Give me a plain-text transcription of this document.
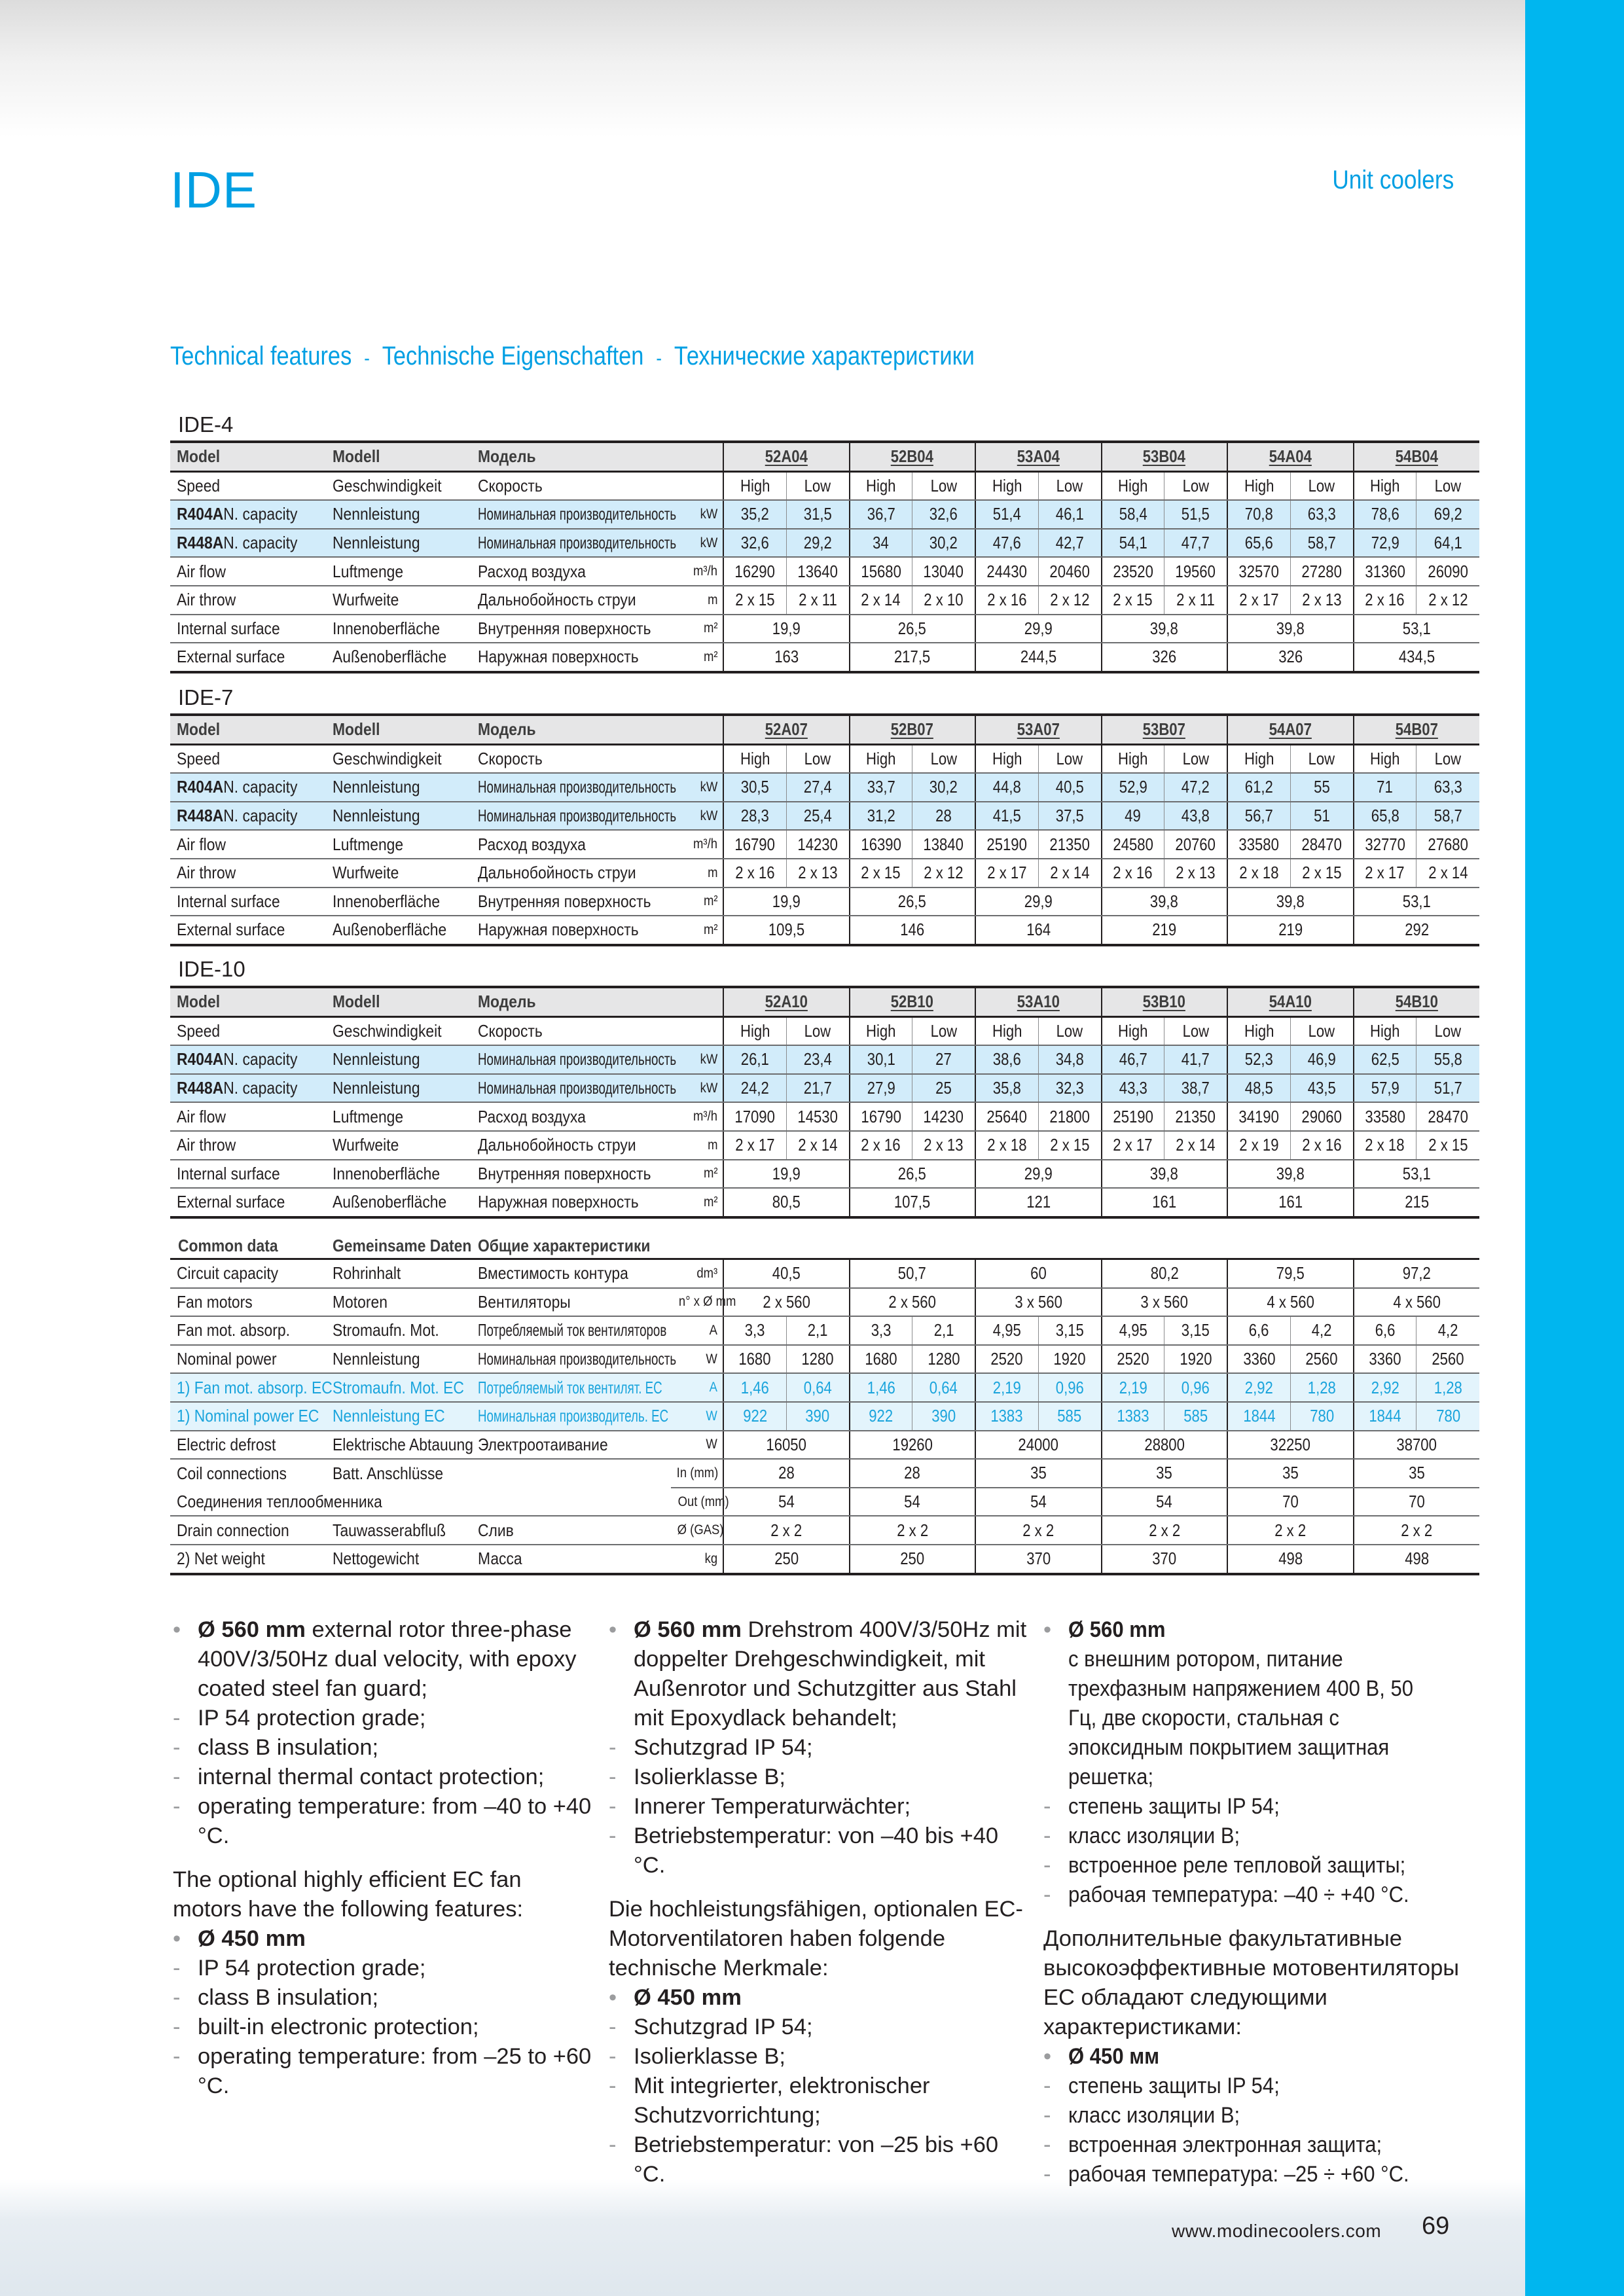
IDE	Unit coolers
Technical features - Technische Eigenschaften - Технические характеристики
IDE-4
Model	Modell	Модель		52A04		52B04		53A04		53B04		54A04		54B04	
Speed	Geschwindigkeit	Скорость		High	Low	High	Low	High	Low	High	Low	High	Low	High	Low
R404AN. capacity	Nennleistung	Номинальная производительность	kW	35,2	31,5	36,7	32,6	51,4	46,1	58,4	51,5	70,8	63,3	78,6	69,2
R448AN. capacity	Nennleistung	Номинальная производительность	kW	32,6	29,2	34	30,2	47,6	42,7	54,1	47,7	65,6	58,7	72,9	64,1
Air flow	Luftmenge	Расход воздуха	m³/h	16290	13640	15680	13040	24430	20460	23520	19560	32570	27280	31360	26090
Air throw	Wurfweite	Дальнобойность струи	m	2 x 15	2 x 11	2 x 14	2 x 10	2 x 16	2 x 12	2 x 15	2 x 11	2 x 17	2 x 13	2 x 16	2 x 12
Internal surface	Innenoberfläche	Внутренняя поверхность	m²	19,9		26,5		29,9		39,8		39,8		53,1	
External surface	Außenoberfläche	Наружная поверхность	m²	163		217,5		244,5		326		326		434,5	
IDE-7
Model	Modell	Модель		52A07		52B07		53A07		53B07		54A07		54B07	
Speed	Geschwindigkeit	Скорость		High	Low	High	Low	High	Low	High	Low	High	Low	High	Low
R404AN. capacity	Nennleistung	Номинальная производительность	kW	30,5	27,4	33,7	30,2	44,8	40,5	52,9	47,2	61,2	55	71	63,3
R448AN. capacity	Nennleistung	Номинальная производительность	kW	28,3	25,4	31,2	28	41,5	37,5	49	43,8	56,7	51	65,8	58,7
Air flow	Luftmenge	Расход воздуха	m³/h	16790	14230	16390	13840	25190	21350	24580	20760	33580	28470	32770	27680
Air throw	Wurfweite	Дальнобойность струи	m	2 x 16	2 x 13	2 x 15	2 x 12	2 x 17	2 x 14	2 x 16	2 x 13	2 x 18	2 x 15	2 x 17	2 x 14
Internal surface	Innenoberfläche	Внутренняя поверхность	m²	19,9		26,5		29,9		39,8		39,8		53,1	
External surface	Außenoberfläche	Наружная поверхность	m²	109,5		146		164		219		219		292	
IDE-10
Model	Modell	Модель		52A10		52B10		53A10		53B10		54A10		54B10	
Speed	Geschwindigkeit	Скорость		High	Low	High	Low	High	Low	High	Low	High	Low	High	Low
R404AN. capacity	Nennleistung	Номинальная производительность	kW	26,1	23,4	30,1	27	38,6	34,8	46,7	41,7	52,3	46,9	62,5	55,8
R448AN. capacity	Nennleistung	Номинальная производительность	kW	24,2	21,7	27,9	25	35,8	32,3	43,3	38,7	48,5	43,5	57,9	51,7
Air flow	Luftmenge	Расход воздуха	m³/h	17090	14530	16790	14230	25640	21800	25190	21350	34190	29060	33580	28470
Air throw	Wurfweite	Дальнобойность струи	m	2 x 17	2 x 14	2 x 16	2 x 13	2 x 18	2 x 15	2 x 17	2 x 14	2 x 19	2 x 16	2 x 18	2 x 15
Internal surface	Innenoberfläche	Внутренняя поверхность	m²	19,9		26,5		29,9		39,8		39,8		53,1	
External surface	Außenoberfläche	Наружная поверхность	m²	80,5		107,5		121		161		161		215	
Common data	Gemeinsame Daten Общие характеристики
Circuit capacity	Rohrinhalt	Вместимость контура	dm³	40,5		50,7		60		80,2		79,5		97,2	
Fan motors	Motoren	Вентиляторы	n° x Ø mm	2 x 560		2 x 560		3 x 560		3 x 560		4 x 560		4 x 560	
Fan mot. absorp.	Stromaufn. Mot.	Потребляемый ток вентиляторов	A	3,3	2,1	3,3	2,1	4,95	3,15	4,95	3,15	6,6	4,2	6,6	4,2
Nominal power	Nennleistung	Номинальная производительность	W	1680	1280	1680	1280	2520	1920	2520	1920	3360	2560	3360	2560
1) Fan mot. absorp. EC	Stromaufn. Mot. EC	Потребляемый ток вентилят. EC	A	1,46	0,64	1,46	0,64	2,19	0,96	2,19	0,96	2,92	1,28	2,92	1,28
1) Nominal power EC	Nennleistung EC	Номинальная производитель. EC	W	922	390	922	390	1383	585	1383	585	1844	780	1844	780
Electric defrost	Elektrische Abtauung	Электроотаивание	W	16050		19260		24000		28800		32250		38700	
Coil connections	Batt. Anschlüsse		In (mm)	28		28		35		35		35		35	
Соединения теплообменника			Out (mm)	54		54		54		54		70		70	
Drain connection	Tauwasserabfluß	Слив	Ø (GAS)	2 x 2		2 x 2		2 x 2		2 x 2		2 x 2		2 x 2	
2) Net weight	Nettogewicht	Масса	kg	250		250		370		370		498		498	
• Ø 560 mm external rotor three-phase 400V/3/50Hz dual velocity, with epoxy coated steel fan guard;
- IP 54 protection grade;
- class B insulation;
- internal thermal contact protection;
- operating temperature: from –40 to +40 °C.
The optional highly efficient EC fan motors have the following features:
• Ø 450 mm
- IP 54 protection grade;
- class B insulation;
- built-in electronic protection;
- operating temperature: from –25 to +60 °C.
• Ø 560 mm Drehstrom 400V/3/50Hz mit doppelter Drehgeschwindigkeit, mit Außenrotor und Schutzgitter aus Stahl mit Epoxydlack behandelt;
- Schutzgrad IP 54;
- Isolierklasse B;
- Innerer Temperaturwächter;
- Betriebstemperatur: von –40 bis +40 °C.
Die hochleistungsfähigen, optionalen EC-Motorventilatoren haben folgende technische Merkmale:
• Ø 450 mm
- Schutzgrad IP 54;
- Isolierklasse B;
- Mit integrierter, elektronischer Schutzvorrichtung;
- Betriebstemperatur: von –25 bis +60 °C.
• Ø 560 mmс внешним ротором, питание трехфазным напряжением 400 В, 50 Гц, две скорости, стальная с эпоксидным покрытием защитная решетка;
- степень защиты IP 54;
- класс изоляции B;
- встроенное реле тепловой защиты;
- рабочая температура: –40 ÷ +40 °C.
Дополнительные факультативные высокоэффективные мотовентиляторы EC обладают следующими характеристиками:
• Ø 450 мм
- степень защиты IP 54;
- класс изоляции B;
- встроенная электронная защита;
- рабочая температура: –25 ÷ +60 °C.
www.modinecoolers.com 69
